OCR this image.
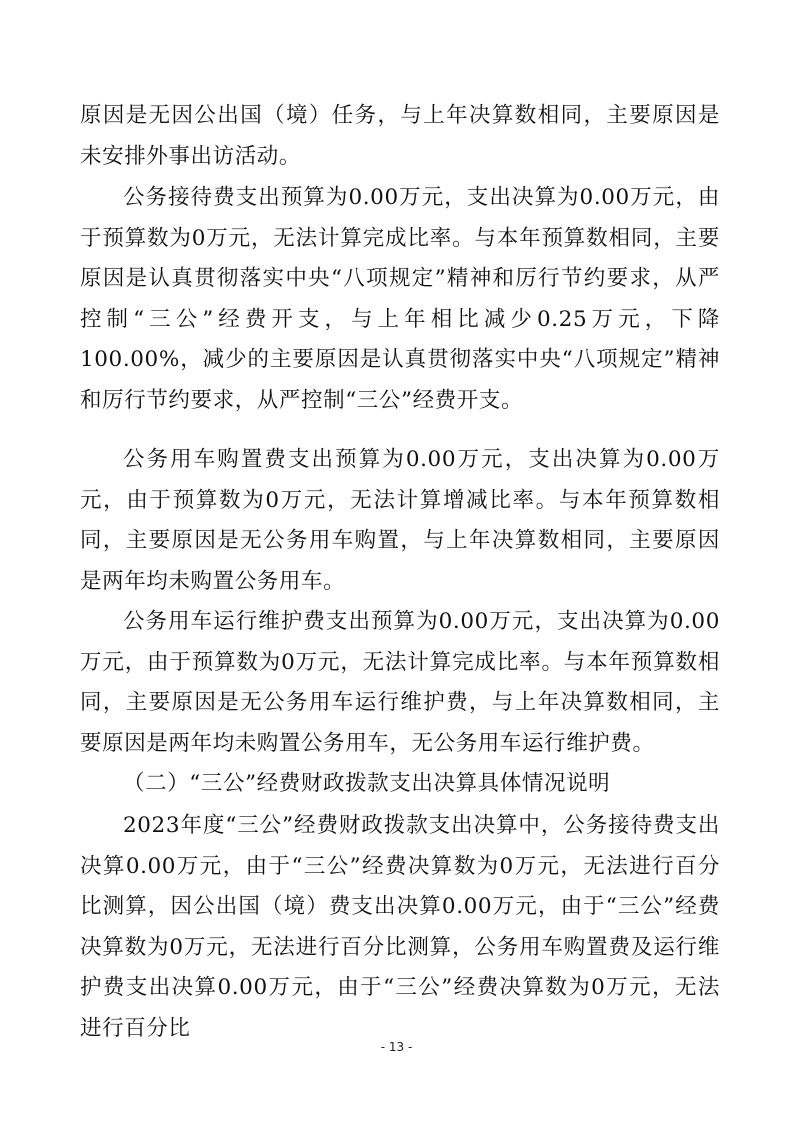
原因是无因公出国（境）任务，与上年决算数相同，主要原因是未安排外事出访活动。

公务接待费支出预算为0.00万元，支出决算为0.00万元，由于预算数为0万元，无法计算完成比率。与本年预算数相同，主要原因是认真贯彻落实中央“八项规定”精神和厉行节约要求，从严控制“三公”经费开支，与上年相比减少0.25万元，下降100.00%，减少的主要原因是认真贯彻落实中央“八项规定”精神和厉行节约要求，从严控制“三公”经费开支。

公务用车购置费支出预算为0.00万元，支出决算为0.00万元，由于预算数为0万元，无法计算增减比率。与本年预算数相同，主要原因是无公务用车购置，与上年决算数相同，主要原因是两年均未购置公务用车。

公务用车运行维护费支出预算为0.00万元，支出决算为0.00万元，由于预算数为0万元，无法计算完成比率。与本年预算数相同，主要原因是无公务用车运行维护费，与上年决算数相同，主要原因是两年均未购置公务用车，无公务用车运行维护费。

（二）“三公”经费财政拨款支出决算具体情况说明

2023年度“三公”经费财政拨款支出决算中，公务接待费支出决算0.00万元，由于“三公”经费决算数为0万元，无法进行百分比测算，因公出国（境）费支出决算0.00万元，由于“三公”经费决算数为0万元，无法进行百分比测算，公务用车购置费及运行维护费支出决算0.00万元，由于“三公”经费决算数为0万元，无法进行百分比

- 13 -
